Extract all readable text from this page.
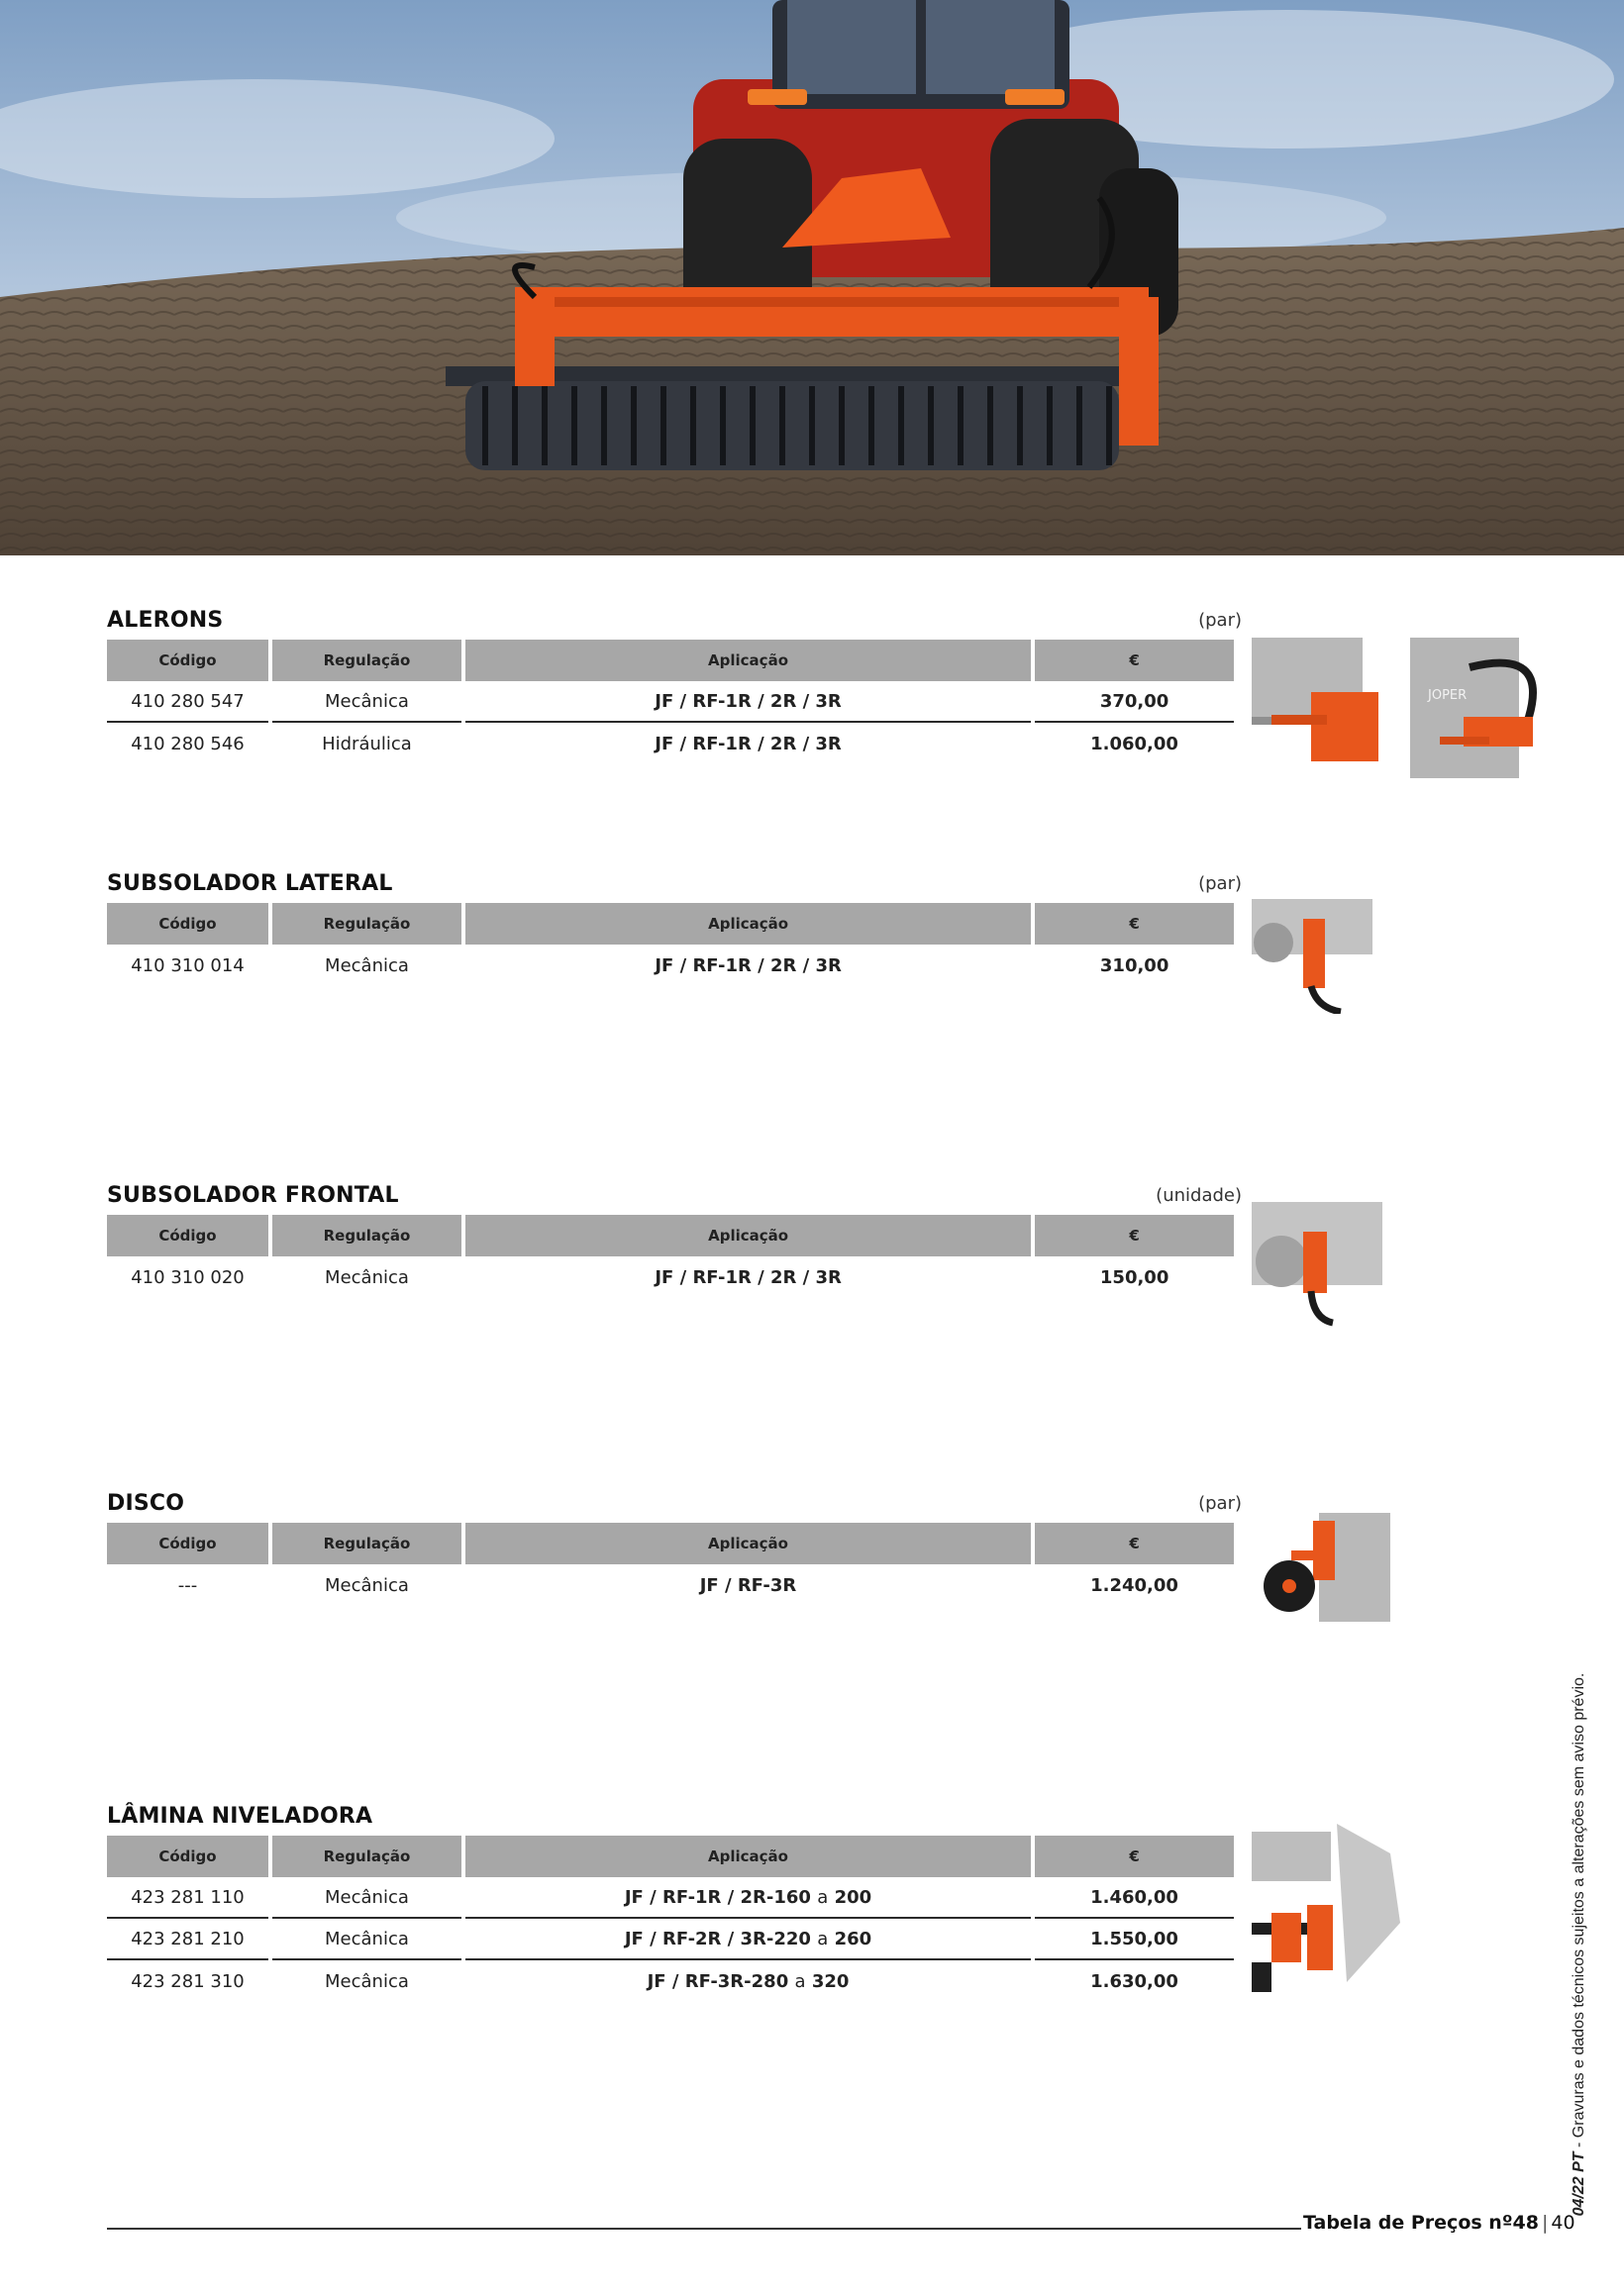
ALERONS	(par)
Código	Regulação	Aplicação	€
410 280 547	Mecânica	JF / RF-1R / 2R / 3R	370,00
410 280 546	Hidráulica	JF / RF-1R / 2R / 3R	1.060,00
JOPER
SUBSOLADOR LATERAL	(par)
Código	Regulação	Aplicação	€
410 310 014	Mecânica	JF / RF-1R / 2R / 3R	310,00
SUBSOLADOR FRONTAL	(unidade)
Código	Regulação	Aplicação	€
410 310 020	Mecânica	JF / RF-1R / 2R / 3R	150,00
DISCO	(par)
Código	Regulação	Aplicação	€
---	Mecânica	JF / RF-3R	1.240,00
LÂMINA NIVELADORA
Código	Regulação	Aplicação	€
423 281 110	Mecânica	JF / RF-1R / 2R-160 a 200	1.460,00
423 281 210	Mecânica	JF / RF-2R / 3R-220 a 260	1.550,00
423 281 310	Mecânica	JF / RF-3R-280 a 320	1.630,00
04/22 PT - Gravuras e dados técnicos sujeitos a alterações sem aviso prévio.
Tabela de Preços nº48 | 40
